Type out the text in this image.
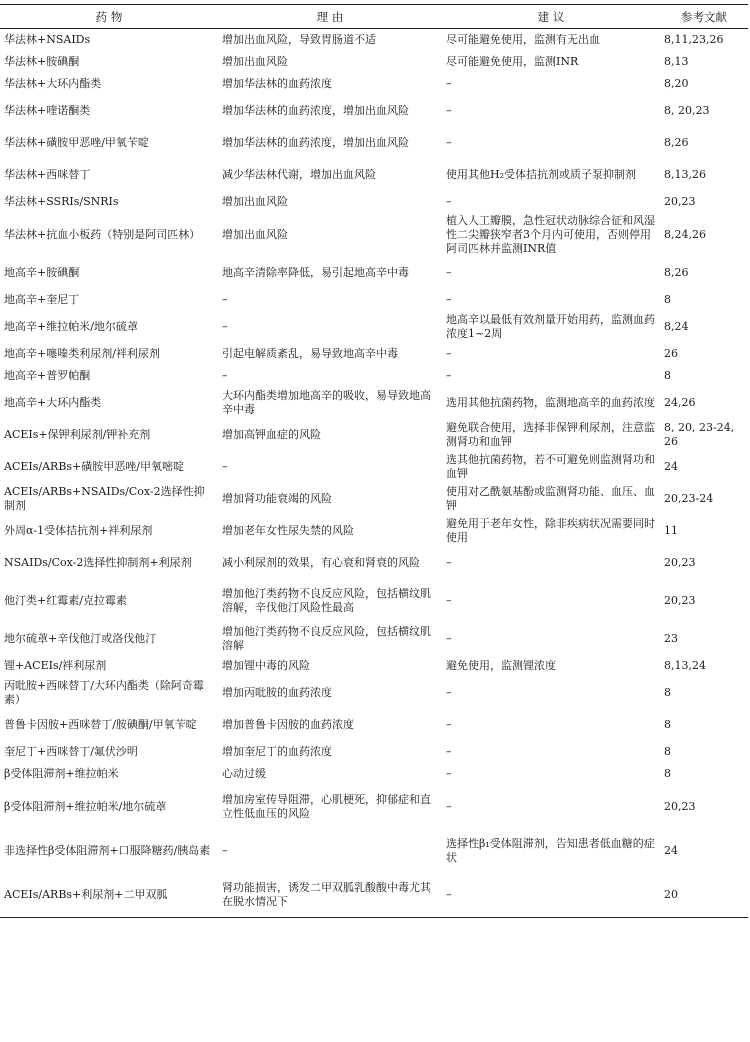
药 物	理 由	建 议	参考文献
华法林+NSAIDs	增加出血风险，导致胃肠道不适	尽可能避免使用，监测有无出血	8,11,23,26
华法林+胺碘酮	增加出血风险	尽可能避免使用，监测INR	8,13
华法林+大环内酯类	增加华法林的血药浓度	–	8,20
华法林+喹诺酮类	增加华法林的血药浓度，增加出血风险	–	8, 20,23
华法林+磺胺甲恶唑/甲氧苄啶	增加华法林的血药浓度，增加出血风险	–	8,26
华法林+西咪替丁	减少华法林代谢，增加出血风险	使用其他H₂受体拮抗剂或质子泵抑制剂	8,13,26
华法林+SSRIs/SNRIs	增加出血风险	–	20,23
华法林+抗血小板药（特别是阿司匹林）	增加出血风险	植入人工瓣膜，急性冠状动脉综合征和风湿性二尖瓣狭窄者3个月内可使用，否则停用阿司匹林并监测INR值	8,24,26
地高辛+胺碘酮	地高辛清除率降低，易引起地高辛中毒	–	8,26
地高辛+奎尼丁	–	–	8
地高辛+维拉帕米/地尔硫䓬	–	地高辛以最低有效剂量开始用药，监测血药浓度1~2周	8,24
地高辛+噻嗪类利尿剂/袢利尿剂	引起电解质紊乱，易导致地高辛中毒	–	26
地高辛+普罗帕酮	–	–	8
地高辛+大环内酯类	大环内酯类增加地高辛的吸收，易导致地高辛中毒	选用其他抗菌药物，监测地高辛的血药浓度	24,26
ACEIs+保钾利尿剂/钾补充剂	增加高钾血症的风险	避免联合使用，选择非保钾利尿剂，注意监测肾功和血钾	8, 20, 23-24, 26
ACEIs/ARBs+磺胺甲恶唑/甲氧嘧啶	–	选其他抗菌药物，若不可避免则监测肾功和血钾	24
ACEIs/ARBs+NSAIDs/Cox-2选择性抑制剂	增加肾功能衰竭的风险	使用对乙酰氨基酚或监测肾功能、血压、血钾	20,23-24
外周α-1受体拮抗剂+袢利尿剂	增加老年女性尿失禁的风险	避免用于老年女性，除非疾病状况需要同时使用	11
NSAIDs/Cox-2选择性抑制剂+利尿剂	减小利尿剂的效果，有心衰和肾衰的风险	–	20,23
他汀类+红霉素/克拉霉素	增加他汀类药物不良反应风险，包括横纹肌溶解，辛伐他汀风险性最高	–	20,23
地尔硫䓬+辛伐他汀或洛伐他汀	增加他汀类药物不良反应风险，包括横纹肌溶解	–	23
锂+ACEIs/袢利尿剂	增加锂中毒的风险	避免使用，监测锂浓度	8,13,24
丙吡胺+西咪替丁/大环内酯类（除阿奇霉素）	增加丙吡胺的血药浓度	–	8
普鲁卡因胺+西咪替丁/胺碘酮/甲氧苄啶	增加普鲁卡因胺的血药浓度	–	8
奎尼丁+西咪替丁/氟伏沙明	增加奎尼丁的血药浓度	–	8
β受体阻滞剂+维拉帕米	心动过缓	–	8
β受体阻滞剂+维拉帕米/地尔硫䓬	增加房室传导阻滞，心肌梗死，抑郁症和直立性低血压的风险	–	20,23
非选择性β受体阻滞剂+口服降糖药/胰岛素	–	选择性β₁受体阻滞剂，告知患者低血糖的症状	24
ACEIs/ARBs+利尿剂+二甲双胍	肾功能损害，诱发二甲双胍乳酸酸中毒尤其在脱水情况下	–	20
